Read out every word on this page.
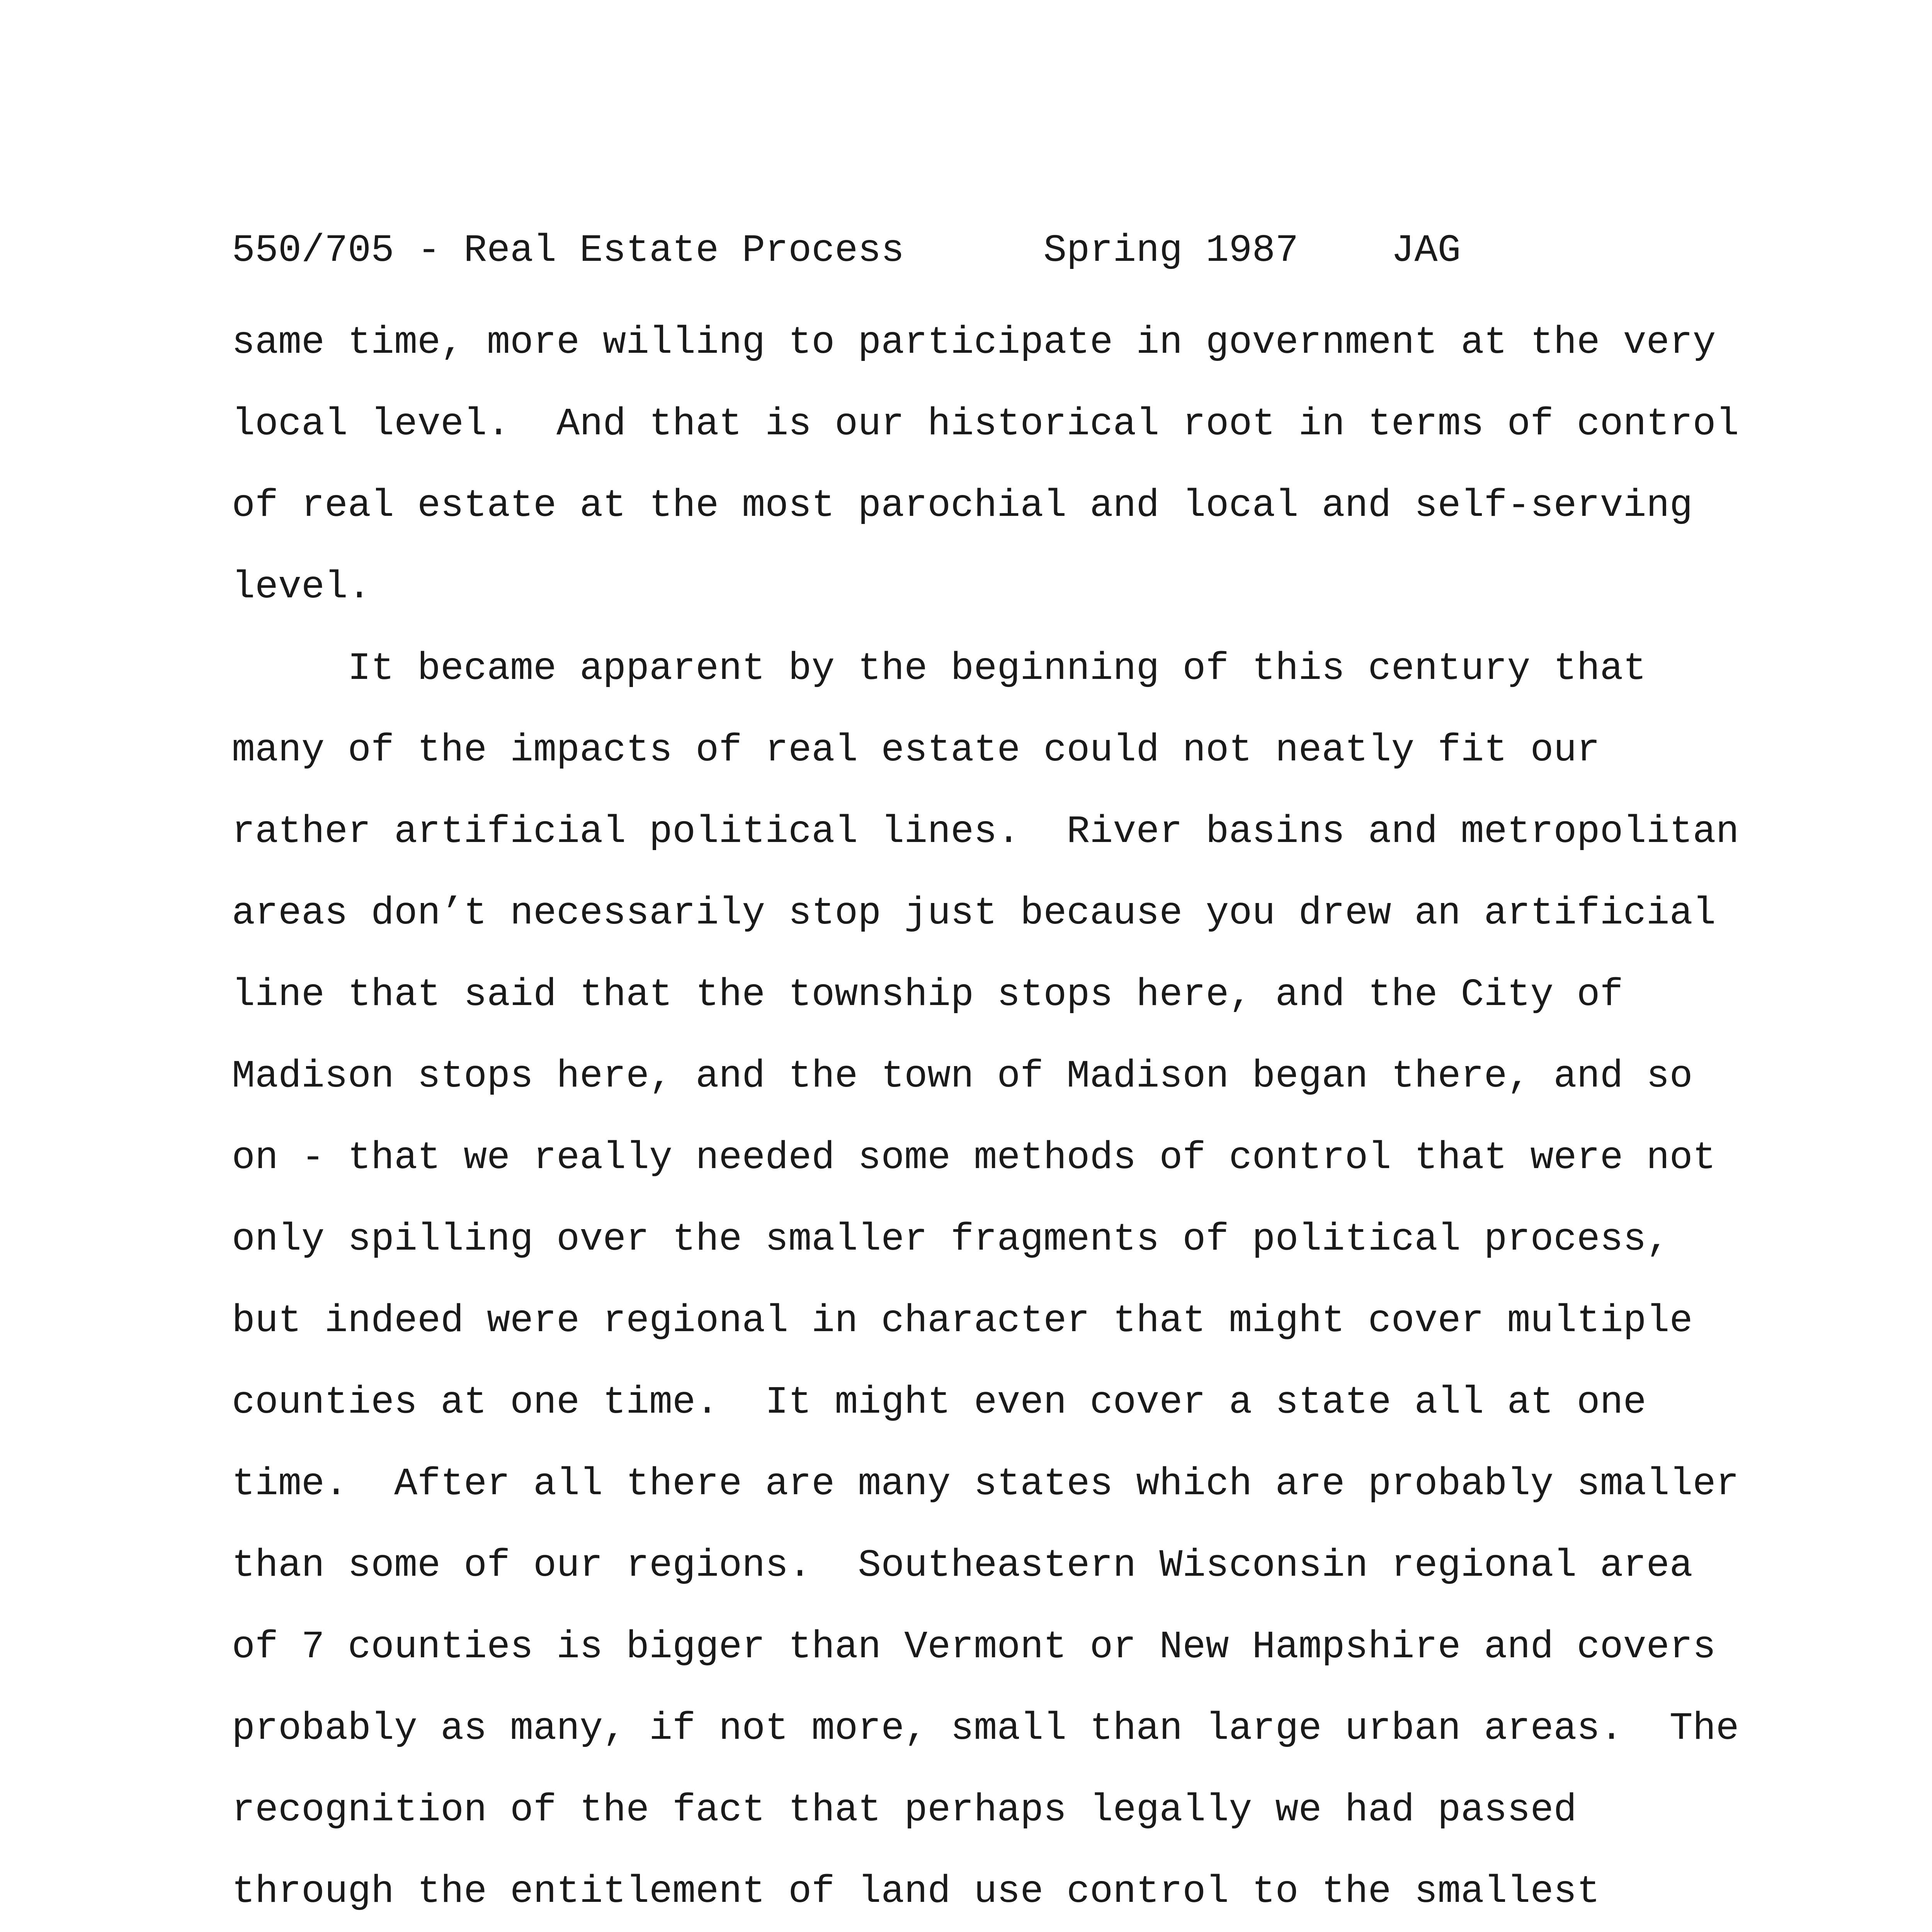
550/705 - Real Estate Process      Spring 1987    JAG
same time, more willing to participate in government at the very
local level.  And that is our historical root in terms of control
of real estate at the most parochial and local and self-serving
level.
It became apparent by the beginning of this century that
many of the impacts of real estate could not neatly fit our
rather artificial political lines.  River basins and metropolitan
areas don’t necessarily stop just because you drew an artificial
line that said that the township stops here, and the City of
Madison stops here, and the town of Madison began there, and so
on - that we really needed some methods of control that were not
only spilling over the smaller fragments of political process,
but indeed were regional in character that might cover multiple
counties at one time.  It might even cover a state all at one
time.  After all there are many states which are probably smaller
than some of our regions.  Southeastern Wisconsin regional area
of 7 counties is bigger than Vermont or New Hampshire and covers
probably as many, if not more, small than large urban areas.  The
recognition of the fact that perhaps legally we had passed
through the entitlement of land use control to the smallest
